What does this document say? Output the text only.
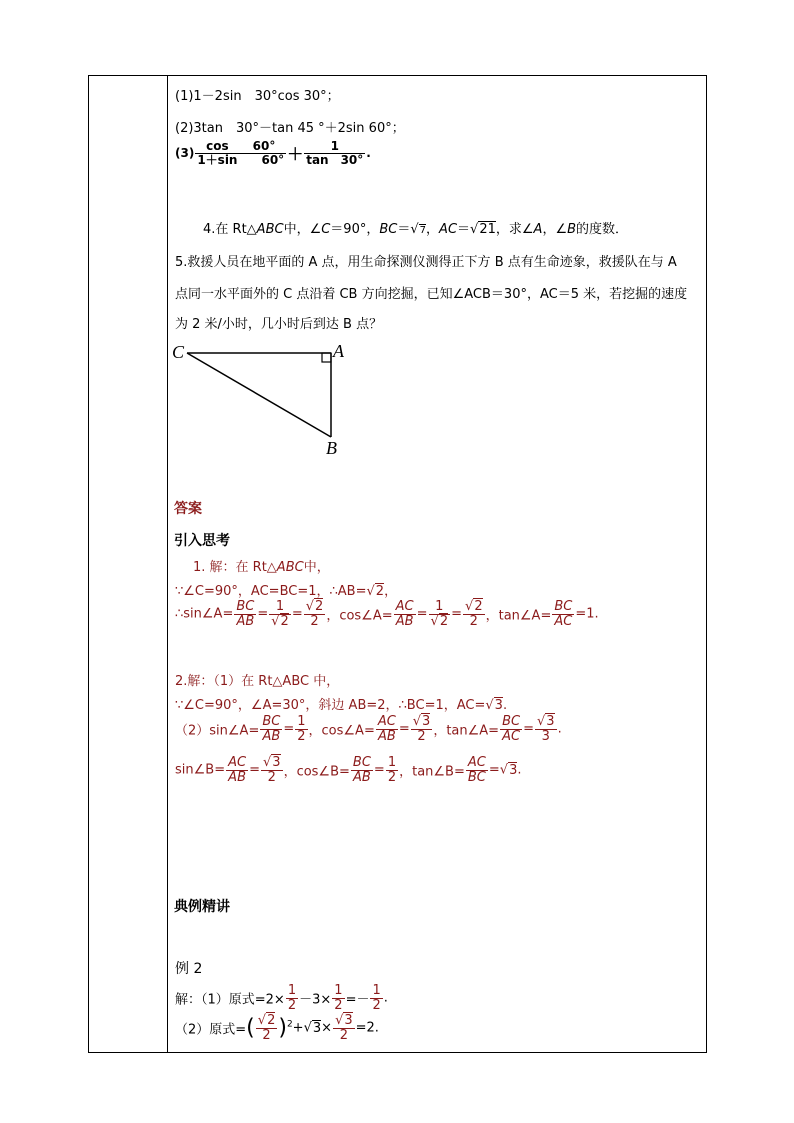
(1)1－2sin　30°cos 30°；
(2)3tan　30°－tan 45 °＋2sin 60°；
$(3) \frac{\cos 60^\circ}{1+\sin 60^\circ} + \frac{1}{\tan 30^\circ}$ .
4.在 Rt△ABC中，∠C＝90°，BC＝√7，AC＝√21，求∠A，∠B的度数．
5.救援人员在地平面的 A 点，用生命探测仪测得正下方 B 点有生命迹象，救援队在与 A
点同一水平面外的 C 点沿着 CB 方向挖掘，已知∠ACB＝30°，AC＝5 米，若挖掘的速度
为 2 米/小时，几小时后到达 B 点？
C	A
B
答案
引入思考
1. 解：在 Rt△ABC中，
∵∠C=90°，AC=BC=1，∴AB=√2，
∴sin∠A= $\frac{BC}{AB} = \frac{1}{√2} = \frac{√2}{2}$ ，cos∠A= $\frac{AC}{AB} = \frac{1}{√2} = \frac{√2}{2}$ ，tan∠A= $\frac{BC}{AC} =1$.
2.解：（1）在 Rt△ABC 中，
∵∠C=90°，∠A=30°，斜边 AB=2，∴BC=1，AC=√3.
（2）sin∠A= $\frac{BC}{AB} = \frac{1}{2}$ ，cos∠A= $\frac{AC}{AB} = \frac{√3}{2}$ ，tan∠A= $\frac{BC}{AC} = \frac{√3}{3}$ .
sin∠B= $\frac{AC}{AB} = \frac{√3}{2}$ ，cos∠B= $\frac{BC}{AB} = \frac{1}{2}$ ，tan∠B= $\frac{AC}{BC} =√3$.
典例精讲
例 2
解：（1）原式$=2\times \frac{1}{2} -3\times \frac{1}{2} =- \frac{1}{2}$ .
（2）原式=( $\frac{√2}{2} )^2+√3\times \frac{√3}{2} =2$.
